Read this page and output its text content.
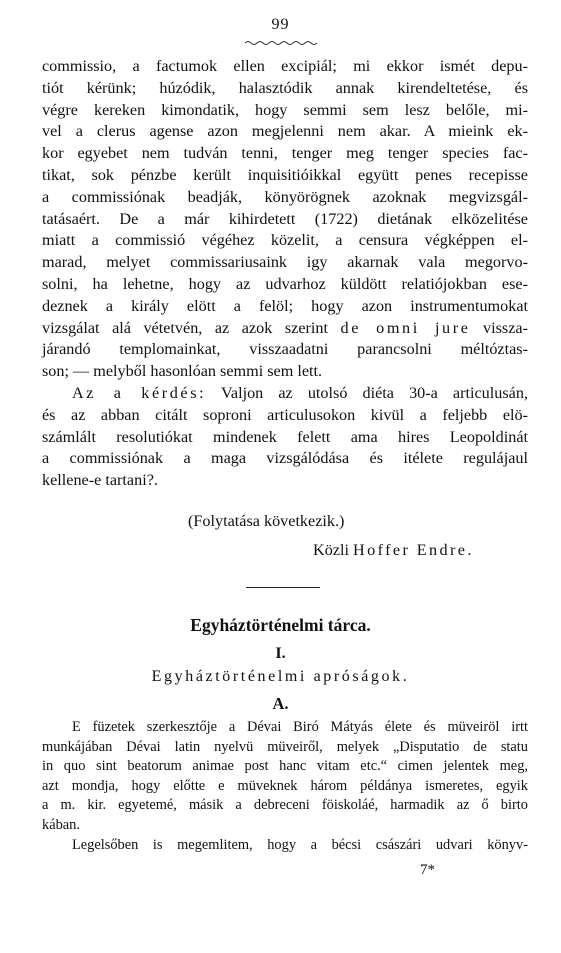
99
commissio, a factumok ellen excipiál; mi ekkor ismét depu-
tiót kérünk; húzódik, halasztódik annak kirendeltetése, és
végre kereken kimondatik, hogy semmi sem lesz belőle, mi-
vel a clerus agense azon megjelenni nem akar. A mieink ek-
kor egyebet nem tudván tenni, tenger meg tenger species fac-
tikat, sok pénzbe került inquisitióikkal együtt penes recepisse
a commissiónak beadják, könyörögnek azoknak megvizsgál-
tatásaért. De a már kihirdetett (1722) dietának elközelitése
miatt a commissió végéhez közelit, a censura végképpen el-
marad, melyet commissariusaink igy akarnak vala megorvo-
solni, ha lehetne, hogy az udvarhoz küldött relatiójokban ese-
deznek a király elött a felöl; hogy azon instrumentumokat
vizsgálat alá vétetvén, az azok szerint de omni jure vissza-
járandó templomainkat, visszaadatni parancsolni méltóztas-
son; — melyből hasonlóan semmi sem lett.
Az a kérdés: Valjon az utolsó diéta 30-a articulusán,
és az abban citált soproni articulusokon kivül a feljebb elö-
számlált resolutiókat mindenek felett ama hires Leopoldinát
a commissiónak a maga vizsgálódása és itélete regulájaul
kellene-e tartani?.
(Folytatása következik.)
Közli Hoffer Endre.
Egyháztörténelmi tárca.
I.
Egyháztörténelmi apróságok.
A.
E füzetek szerkesztője a Dévai Biró Mátyás élete és müveiröl irtt
munkájában Dévai latin nyelvü müveiről, melyek „Disputatio de statu
in quo sint beatorum animae post hanc vitam etc.“ cimen jelentek meg,
azt mondja, hogy előtte e müveknek három példánya ismeretes, egyik
a m. kir. egyetemé, másik a debreceni föiskoláé, harmadik az ő birto
kában.
Legelsőben is megemlitem, hogy a bécsi császári udvari könyv-
7*
